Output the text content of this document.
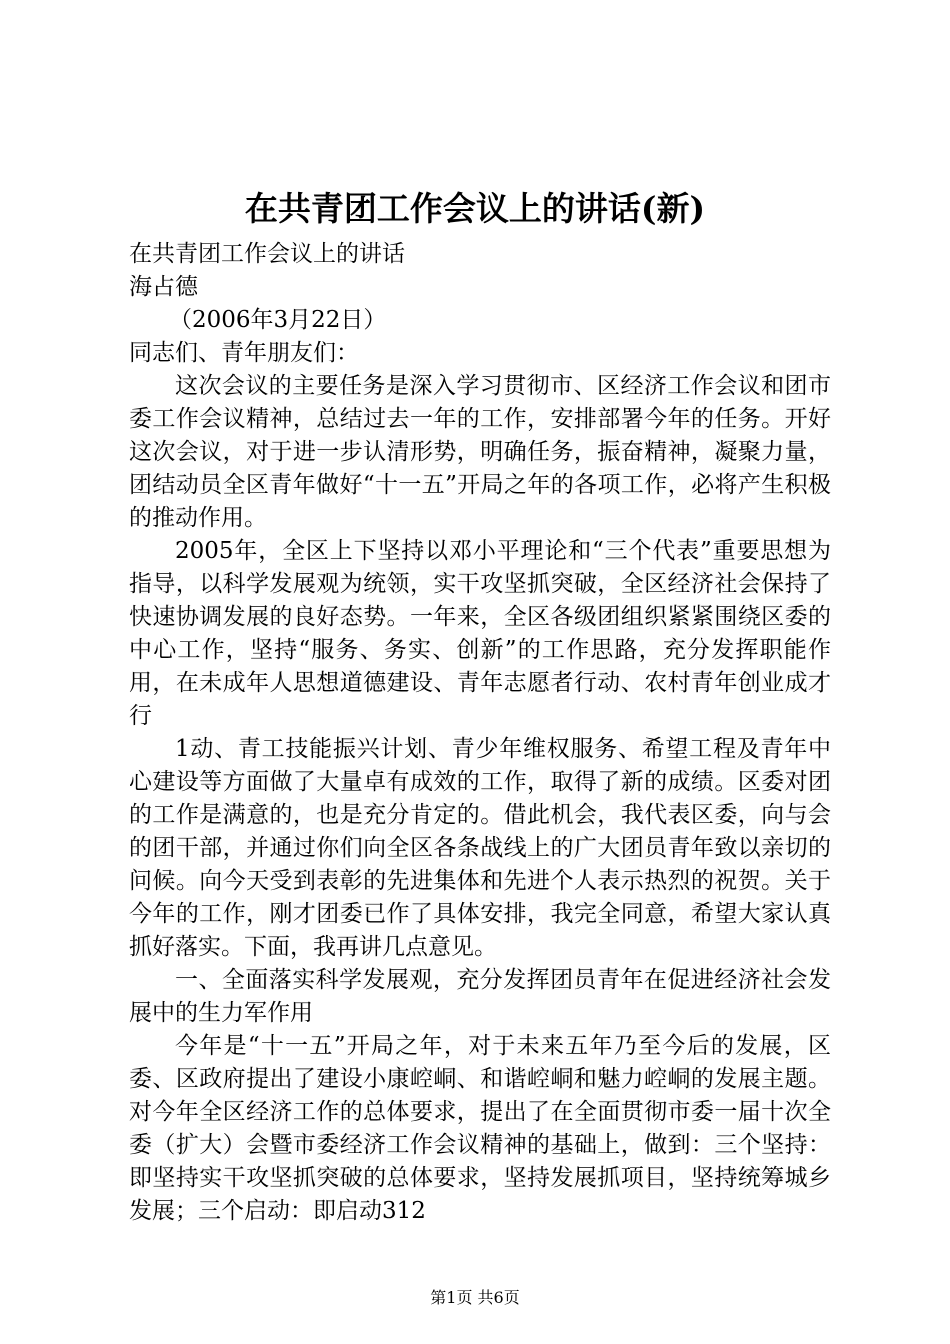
在共青团工作会议上的讲话(新)

在共青团工作会议上的讲话

海占德

（2006年3月22日）

同志们、青年朋友们：

这次会议的主要任务是深入学习贯彻市、区经济工作会议和团市委工作会议精神，总结过去一年的工作，安排部署今年的任务。开好这次会议，对于进一步认清形势，明确任务，振奋精神，凝聚力量，团结动员全区青年做好“十一五”开局之年的各项工作，必将产生积极的推动作用。

2005年，全区上下坚持以邓小平理论和“三个代表”重要思想为指导，以科学发展观为统领，实干攻坚抓突破，全区经济社会保持了快速协调发展的良好态势。一年来，全区各级团组织紧紧围绕区委的中心工作，坚持“服务、务实、创新”的工作思路，充分发挥职能作用，在未成年人思想道德建设、青年志愿者行动、农村青年创业成才行

1动、青工技能振兴计划、青少年维权服务、希望工程及青年中心建设等方面做了大量卓有成效的工作，取得了新的成绩。区委对团的工作是满意的，也是充分肯定的。借此机会，我代表区委，向与会的团干部，并通过你们向全区各条战线上的广大团员青年致以亲切的问候。向今天受到表彰的先进集体和先进个人表示热烈的祝贺。关于今年的工作，刚才团委已作了具体安排，我完全同意，希望大家认真抓好落实。下面，我再讲几点意见。

一、全面落实科学发展观，充分发挥团员青年在促进经济社会发展中的生力军作用

今年是“十一五”开局之年，对于未来五年乃至今后的发展，区委、区政府提出了建设小康崆峒、和谐崆峒和魅力崆峒的发展主题。对今年全区经济工作的总体要求，提出了在全面贯彻市委一届十次全委（扩大）会暨市委经济工作会议精神的基础上，做到：三个坚持：即坚持实干攻坚抓突破的总体要求，坚持发展抓项目，坚持统筹城乡发展；三个启动：即启动312

第1页 共6页
